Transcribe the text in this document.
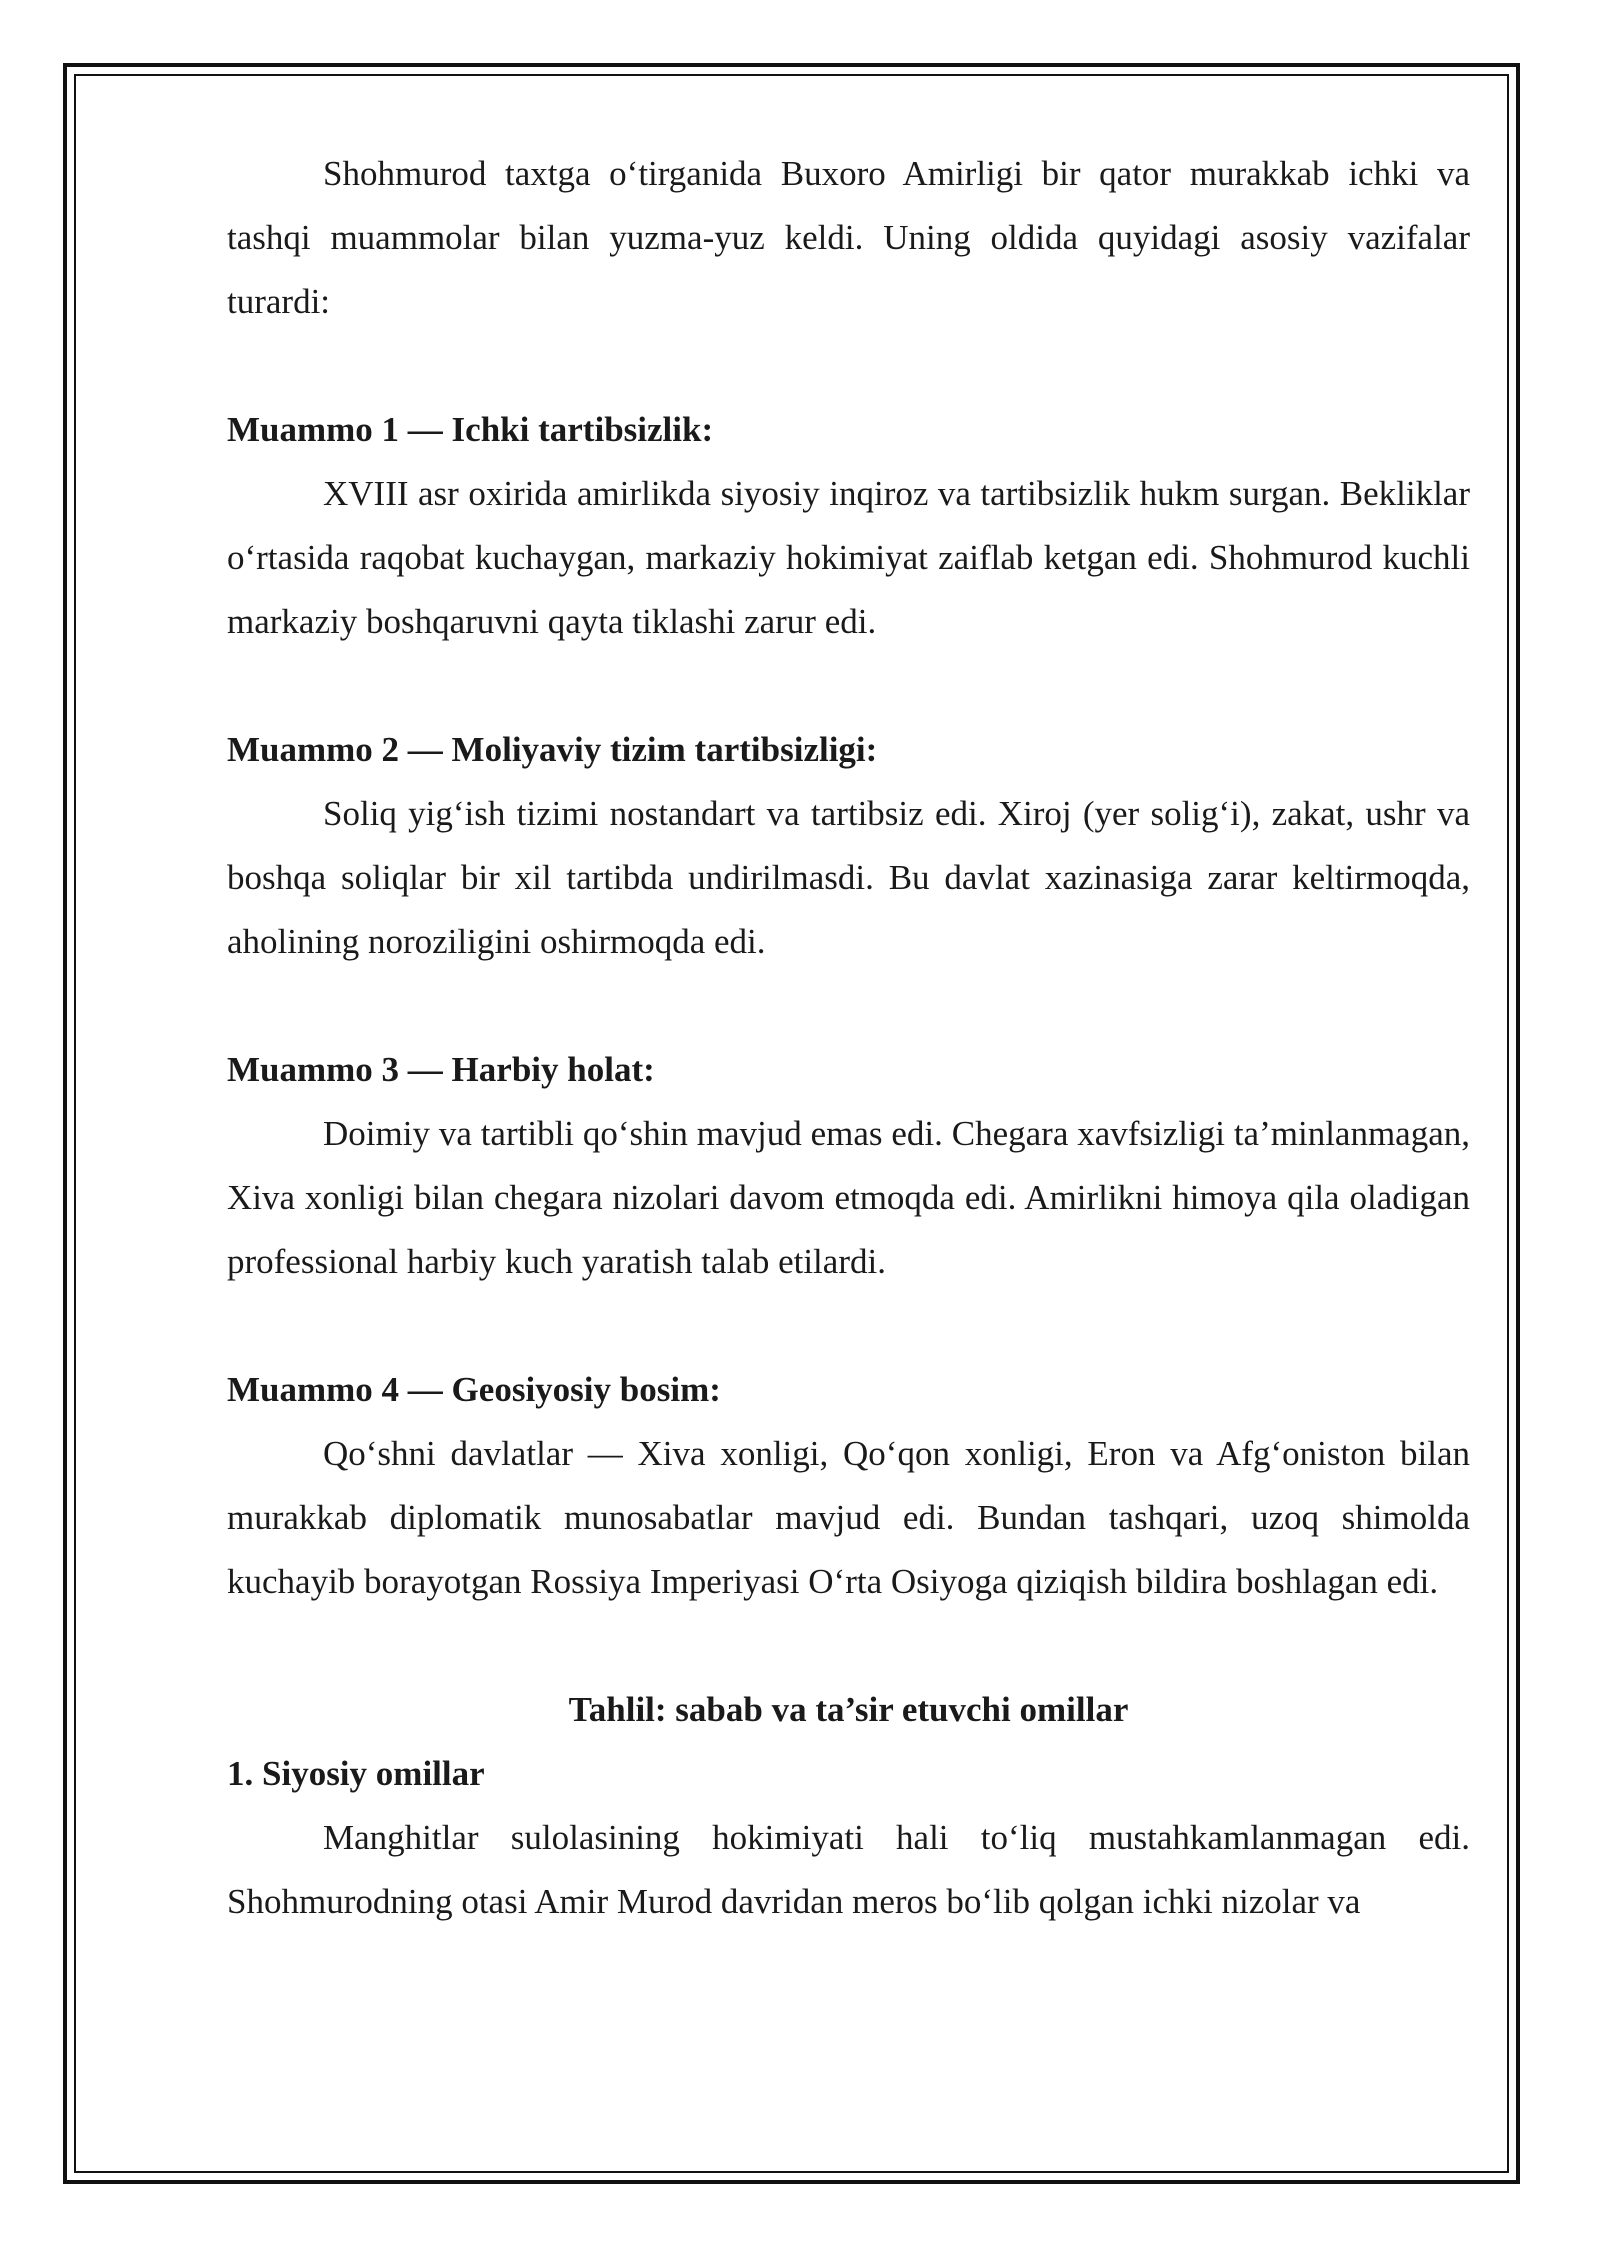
Shohmurod taxtga o‘tirganida Buxoro Amirligi bir qator murakkab ichki va tashqi muammolar bilan yuzma-yuz keldi. Uning oldida quyidagi asosiy vazifalar turardi:

Muammo 1 — Ichki tartibsizlik:

XVIII asr oxirida amirlikda siyosiy inqiroz va tartibsizlik hukm surgan. Bekliklar o‘rtasida raqobat kuchaygan, markaziy hokimiyat zaiflab ketgan edi. Shohmurod kuchli markaziy boshqaruvni qayta tiklashi zarur edi.

Muammo 2 — Moliyaviy tizim tartibsizligi:

Soliq yig‘ish tizimi nostandart va tartibsiz edi. Xiroj (yer solig‘i), zakat, ushr va boshqa soliqlar bir xil tartibda undirilmasdi. Bu davlat xazinasiga zarar keltirmoqda, aholining noroziligini oshirmoqda edi.

Muammo 3 — Harbiy holat:

Doimiy va tartibli qo‘shin mavjud emas edi. Chegara xavfsizligi ta’minlanmagan, Xiva xonligi bilan chegara nizolari davom etmoqda edi. Amirlikni himoya qila oladigan professional harbiy kuch yaratish talab etilardi.

Muammo 4 — Geosiyosiy bosim:

Qo‘shni davlatlar — Xiva xonligi, Qo‘qon xonligi, Eron va Afg‘oniston bilan murakkab diplomatik munosabatlar mavjud edi. Bundan tashqari, uzoq shimolda kuchayib borayotgan Rossiya Imperiyasi O‘rta Osiyoga qiziqish bildira boshlagan edi.

Tahlil: sabab va ta’sir etuvchi omillar

1. Siyosiy omillar

Manghitlar sulolasining hokimiyati hali to‘liq mustahkamlanmagan edi. Shohmurodning otasi Amir Murod davridan meros bo‘lib qolgan ichki nizolar va
